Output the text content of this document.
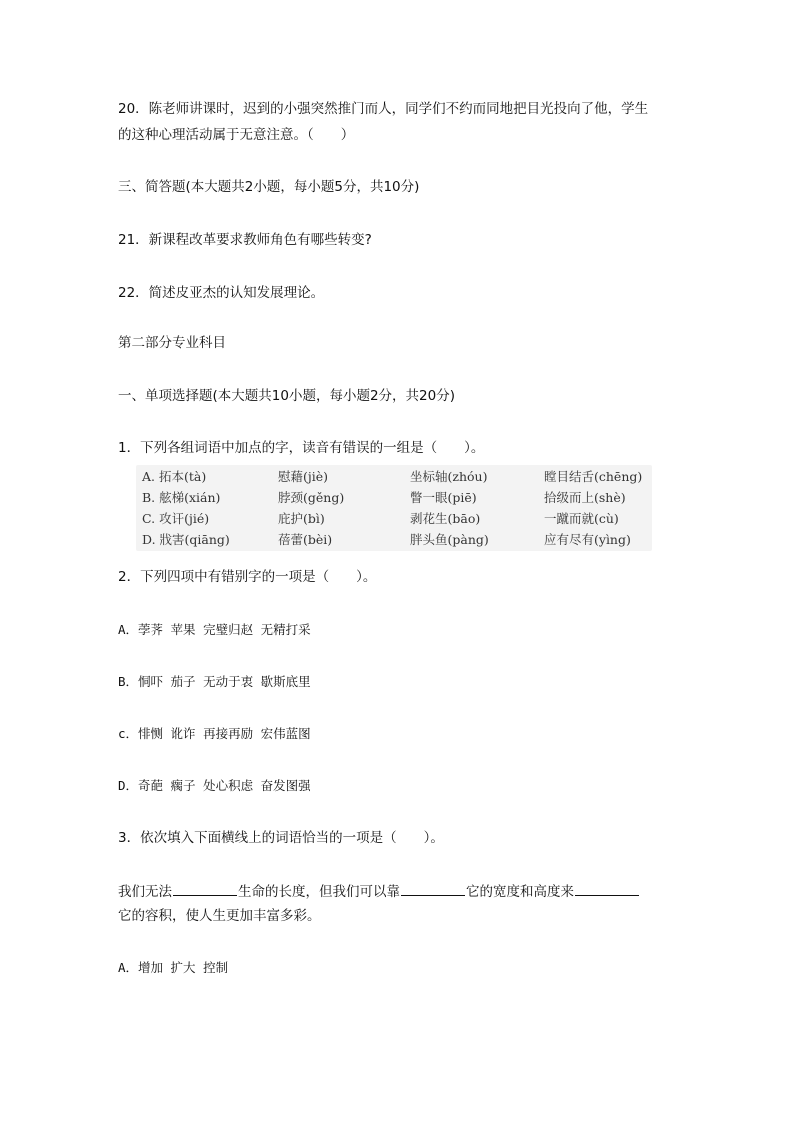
20．陈老师讲课时，迟到的小强突然推门而人，同学们不约而同地把目光投向了他，学生
的这种心理活动属于无意注意。（　　）
三、简答题(本大题共2小题，每小题5分，共10分)
21．新课程改革要求教师角色有哪些转变?
22．简述皮亚杰的认知发展理论。
第二部分专业科目
一、单项选择题(本大题共10小题，每小题2分，共20分)
1．下列各组词语中加点的字，读音有错误的一组是（　　）。
A. 拓本(tà)	慰藉(jiè)	坐标轴(zhóu)	瞠目结舌(chēng)
B. 舷梯(xián)	脖颈(gěng)	瞥一眼(piē)	拾级而上(shè)
C. 攻讦(jié)	庇护(bì)	剥花生(bāo)	一蹴而就(cù)
D. 戕害(qiāng)	蓓蕾(bèi)	胖头鱼(pàng)	应有尽有(yìng)
2．下列四项中有错别字的一项是（　　）。
A．荸荠 苹果 完璧归赵 无精打采
B．恫吓 茄子 无动于衷 歇斯底里
c．悱恻 讹诈 再接再励 宏伟蓝图
D．奇葩 瘸子 处心积虑 奋发图强
3．依次填入下面横线上的词语恰当的一项是（　　）。
我们无法	生命的长度，但我们可以靠	它的宽度和高度来
它的容积，使人生更加丰富多彩。
A．增加 扩大 控制
